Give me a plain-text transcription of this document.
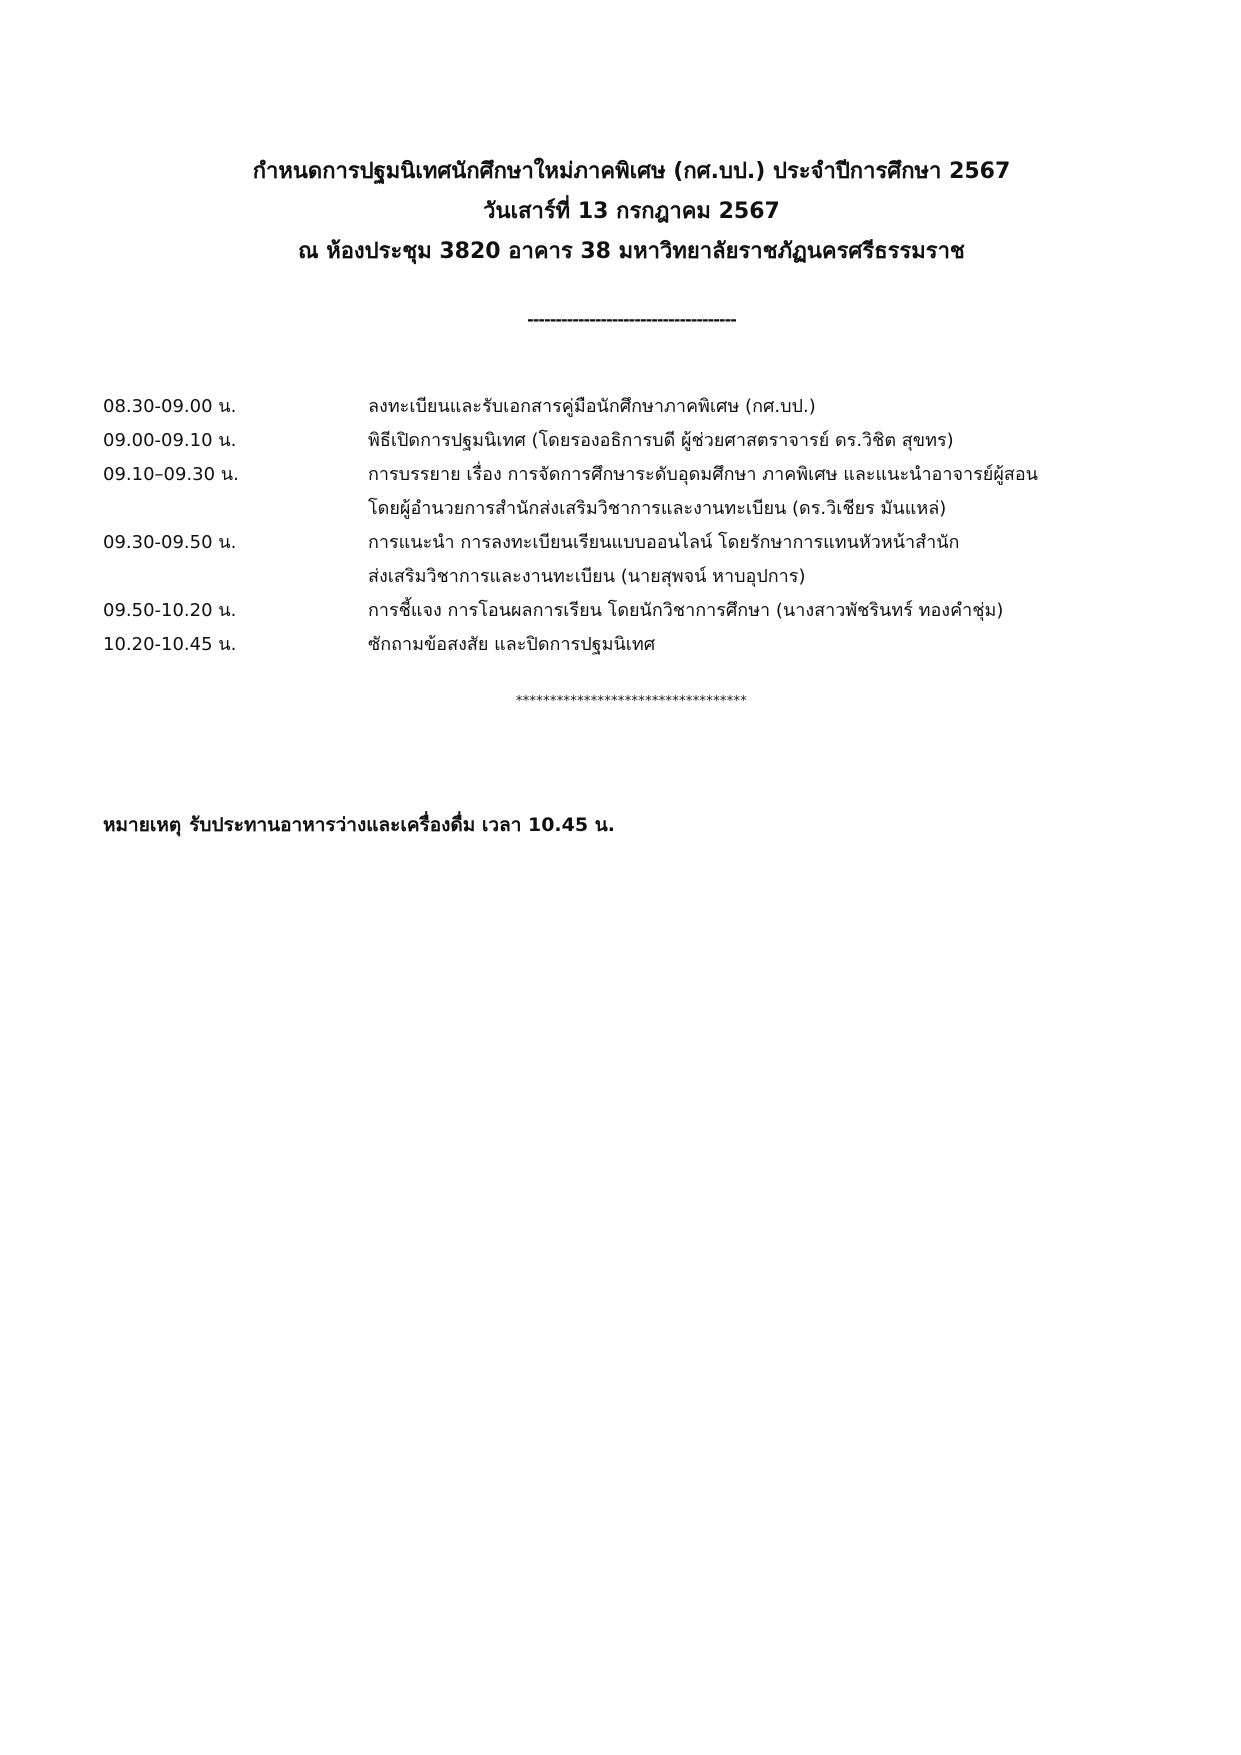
กำหนดการปฐมนิเทศนักศึกษาใหม่ภาคพิเศษ (กศ.บป.) ประจำปีการศึกษา 2567
วันเสาร์ที่ 13 กรกฎาคม 2567
ณ ห้องประชุม 3820 อาคาร 38 มหาวิทยาลัยราชภัฏนครศรีธรรมราช
-------------------------------------
08.30-09.00 น.	ลงทะเบียนและรับเอกสารคู่มือนักศึกษาภาคพิเศษ (กศ.บป.)
09.00-09.10 น.	พิธีเปิดการปฐมนิเทศ (โดยรองอธิการบดี ผู้ช่วยศาสตราจารย์ ดร.วิชิต สุขทร)
09.10–09.30 น.	การบรรยาย เรื่อง การจัดการศึกษาระดับอุดมศึกษา ภาคพิเศษ และแนะนำอาจารย์ผู้สอน
โดยผู้อำนวยการสำนักส่งเสริมวิชาการและงานทะเบียน (ดร.วิเชียร มันแหล่)
09.30-09.50 น.	การแนะนำ การลงทะเบียนเรียนแบบออนไลน์ โดยรักษาการแทนหัวหน้าสำนัก
ส่งเสริมวิชาการและงานทะเบียน (นายสุพจน์ หาบอุปการ)
09.50-10.20 น.	การชี้แจง การโอนผลการเรียน โดยนักวิชาการศึกษา (นางสาวพัชรินทร์ ทองคำชุ่ม)
10.20-10.45 น.	ซักถามข้อสงสัย และปิดการปฐมนิเทศ
**********************************
หมายเหตุ รับประทานอาหารว่างและเครื่องดื่ม เวลา 10.45 น.
